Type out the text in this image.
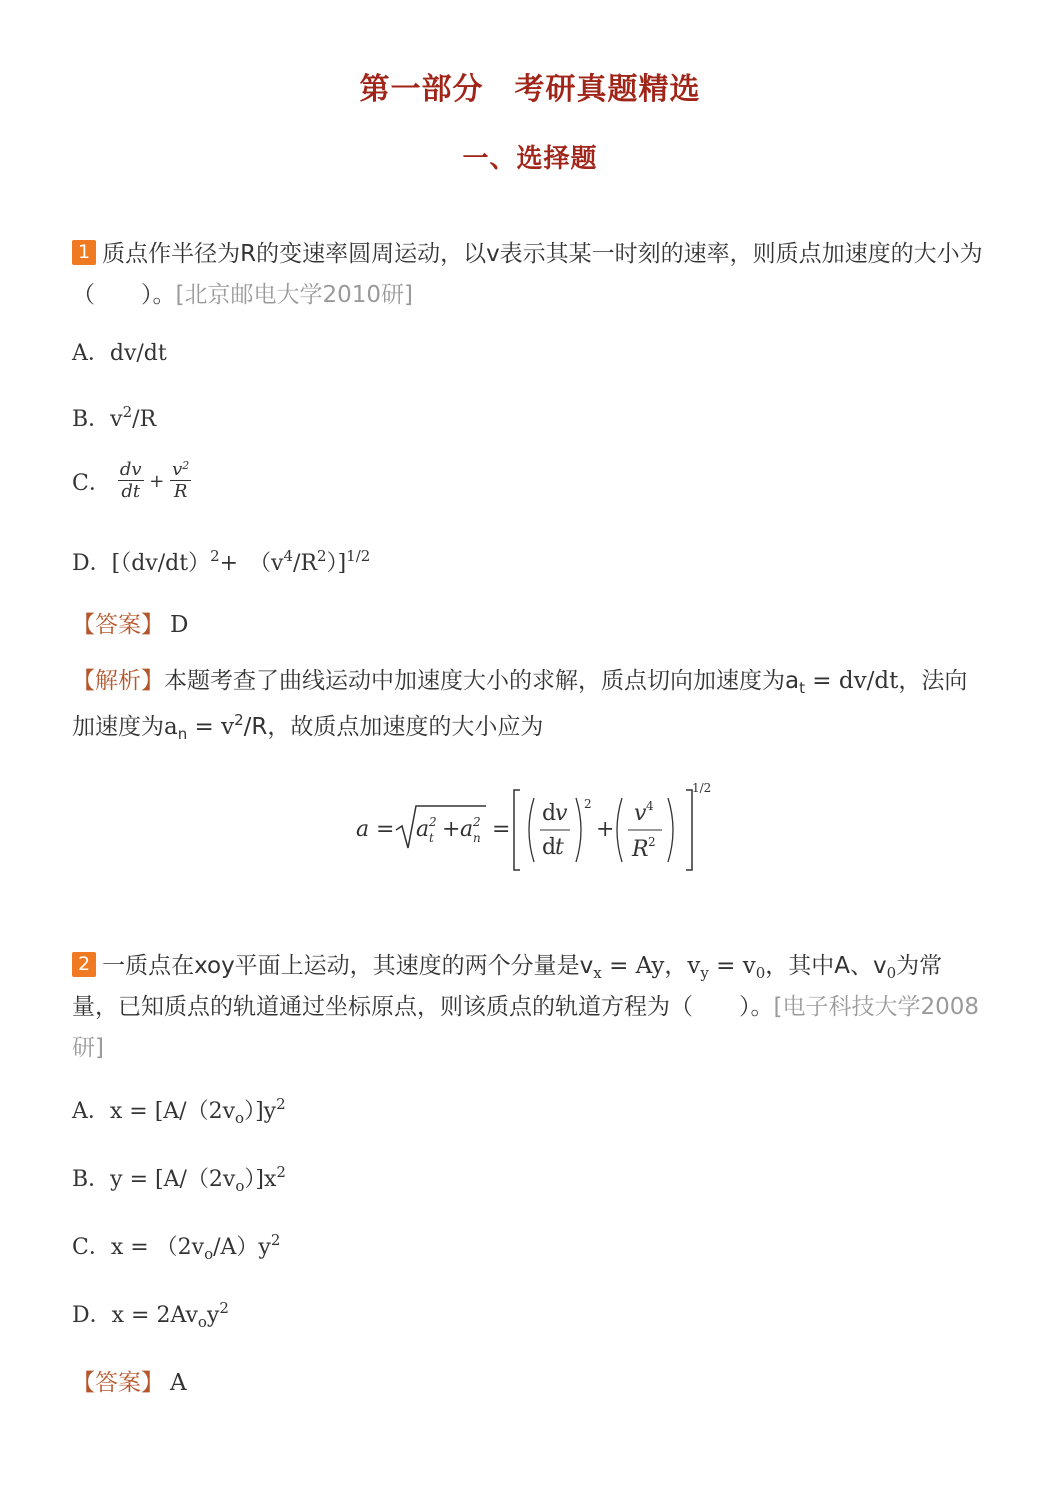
第一部分　考研真题精选
一、选择题
1 质点作半径为R的变速率圆周运动，以v表示其某一时刻的速率，则质点加速度的大小为（　　）。[北京邮电大学2010研]
A．dv/dt
B．$v^2/R$
C． $\frac{dv}{dt} + \frac{v^2}{R}$
D．[$(dv/dt)^2+$　$(v^4/R^2)]^{1/2}$
【答案】 D
【解析】本题考查了曲线运动中加速度大小的求解，质点切向加速度为$a_t = dv/dt$，法向加速度为$a_n = v^2/R$，故质点加速度的大小应为
a = a 2
t + a 2
n =
d
v
d
t
2
+
v 4
R 2
1/2
2 一质点在xoy平面上运动，其速度的两个分量是$v_x = Ay$，$v_y = v_0$，其中A、$v_0$为常量，已知质点的轨道通过坐标原点，则该质点的轨道方程为（　　）。[电子科技大学2008研]
A．$x = [A/(2v_o)]y^2$
B．$y = [A/(2v_o)]x^2$
C．$x = (2v_o/A)y^2$
D．$x = 2Av_oy^2$
【答案】 A
